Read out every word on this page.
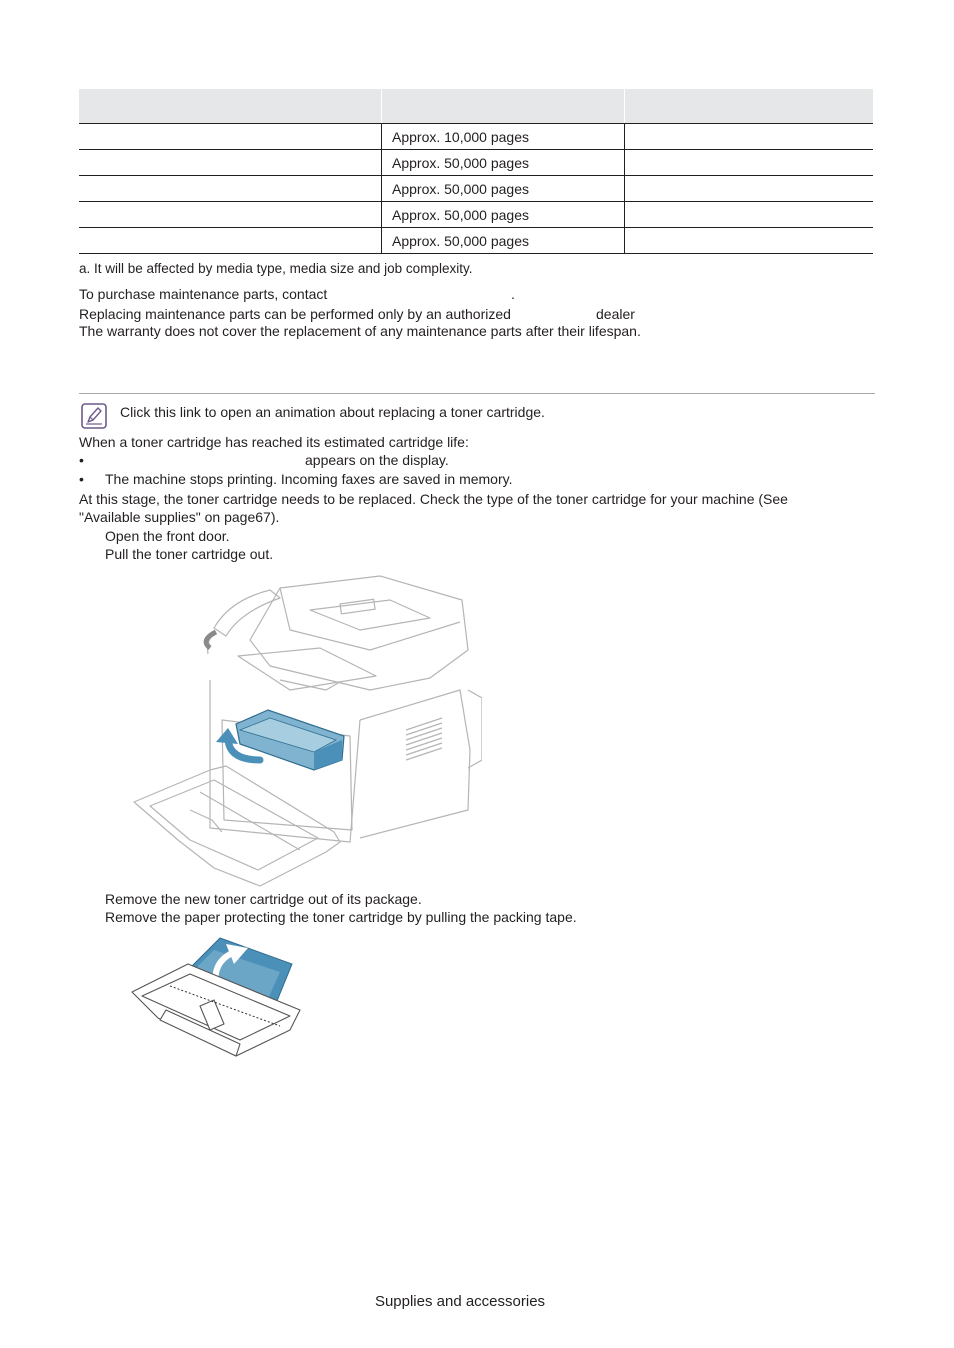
	Approx. 10,000 pages	
	Approx. 50,000 pages	
	Approx. 50,000 pages	
	Approx. 50,000 pages	
	Approx. 50,000 pages	
a. It will be affected by media type, media size and job complexity.
To purchase maintenance parts, contact	.
Replacing maintenance parts can be performed only by an authorized	dealer
The warranty does not cover the replacement of any maintenance parts after their lifespan.
Click this link to open an animation about replacing a toner cartridge.
When a toner cartridge has reached its estimated cartridge life:
•	appears on the display.
• The machine stops printing. Incoming faxes are saved in memory.
At this stage, the toner cartridge needs to be replaced. Check the type of the toner cartridge for your machine (See
"Available supplies" on page67).
Open the front door.
Pull the toner cartridge out.
Remove the new toner cartridge out of its package.
Remove the paper protecting the toner cartridge by pulling the packing tape.
Supplies and accessories
